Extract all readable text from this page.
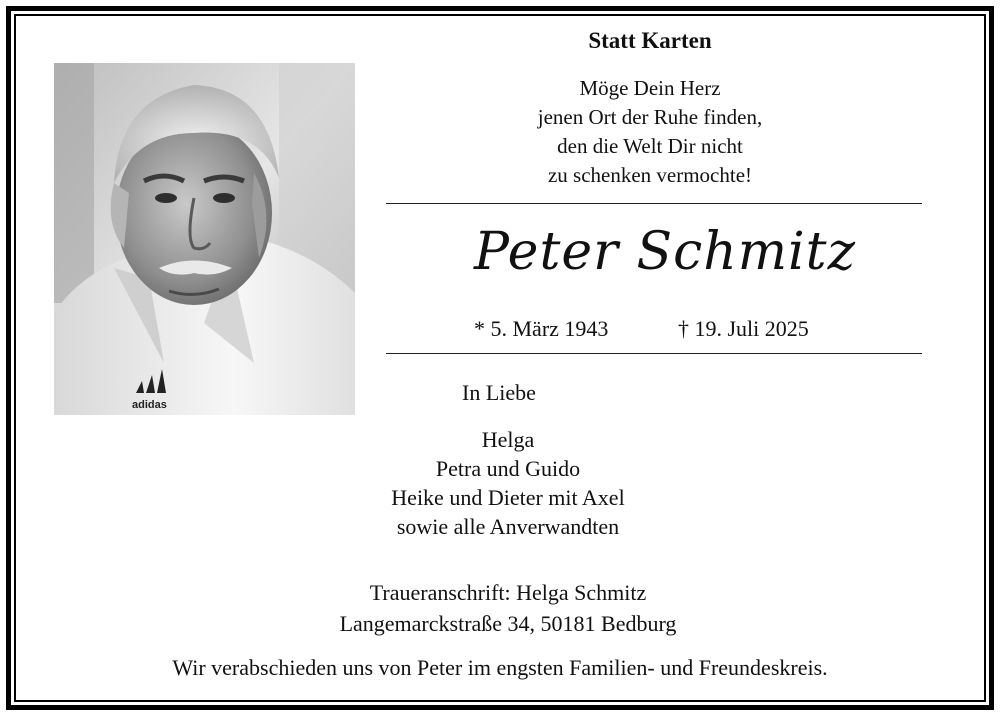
Statt Karten
Möge Dein Herz
jenen Ort der Ruhe finden,
den die Welt Dir nicht
zu schenken vermochte!
Peter Schmitz
* 5. März 1943	† 19. Juli 2025
adidas	In Liebe
Helga
Petra und Guido
Heike und Dieter mit Axel
sowie alle Anverwandten
Traueranschrift: Helga Schmitz
Langemarckstraße 34, 50181 Bedburg
Wir verabschieden uns von Peter im engsten Familien- und Freundeskreis.
